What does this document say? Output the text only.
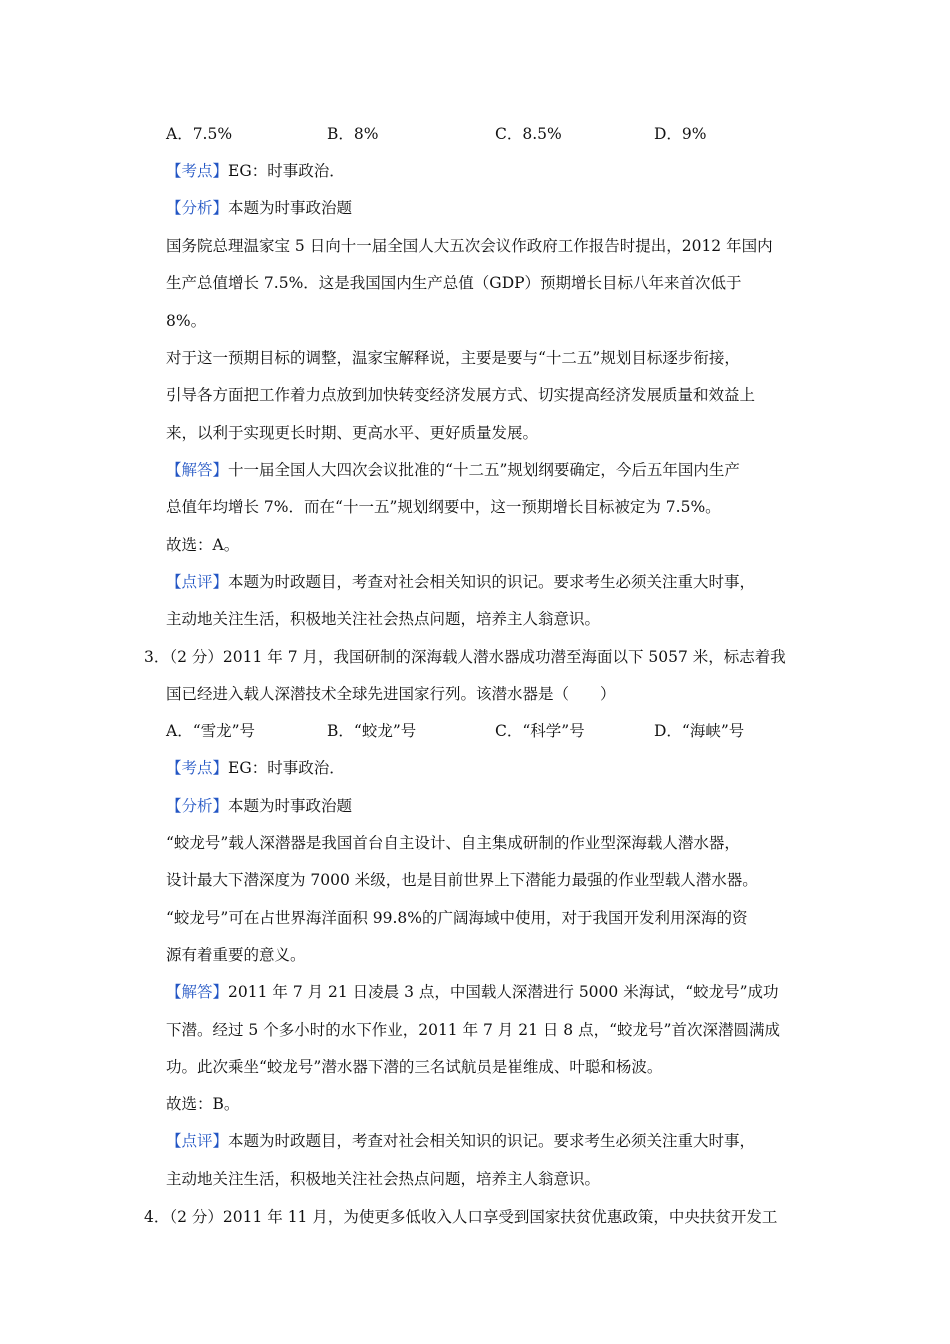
A．7.5%	B．8%	C．8.5%	D．9%
【考点】EG：时事政治．
【分析】本题为时事政治题
国务院总理温家宝 5 日向十一届全国人大五次会议作政府工作报告时提出，2012 年国内
生产总值增长 7.5%．这是我国国内生产总值（GDP）预期增长目标八年来首次低于
8%。
对于这一预期目标的调整，温家宝解释说，主要是要与“十二五”规划目标逐步衔接，
引导各方面把工作着力点放到加快转变经济发展方式、切实提高经济发展质量和效益上
来，以利于实现更长时期、更高水平、更好质量发展。
【解答】十一届全国人大四次会议批准的“十二五”规划纲要确定，今后五年国内生产
总值年均增长 7%．而在“十一五”规划纲要中，这一预期增长目标被定为 7.5%。
故选：A。
【点评】本题为时政题目，考查对社会相关知识的识记。要求考生必须关注重大时事，
主动地关注生活，积极地关注社会热点问题，培养主人翁意识。
3．（2 分）2011 年 7 月，我国研制的深海载人潜水器成功潜至海面以下 5057 米，标志着我
国已经进入载人深潜技术全球先进国家行列。该潜水器是（　　）
A．“雪龙”号	B．“蛟龙”号	C．“科学”号	D．“海峡”号
【考点】EG：时事政治．
【分析】本题为时事政治题
“蛟龙号”载人深潜器是我国首台自主设计、自主集成研制的作业型深海载人潜水器，
设计最大下潜深度为 7000 米级，也是目前世界上下潜能力最强的作业型载人潜水器。
“蛟龙号”可在占世界海洋面积 99.8%的广阔海域中使用，对于我国开发利用深海的资
源有着重要的意义。
【解答】2011 年 7 月 21 日凌晨 3 点，中国载人深潜进行 5000 米海试，“蛟龙号”成功
下潜。经过 5 个多小时的水下作业，2011 年 7 月 21 日 8 点，“蛟龙号”首次深潜圆满成
功。此次乘坐“蛟龙号”潜水器下潜的三名试航员是崔维成、叶聪和杨波。
故选：B。
【点评】本题为时政题目，考查对社会相关知识的识记。要求考生必须关注重大时事，
主动地关注生活，积极地关注社会热点问题，培养主人翁意识。
4．（2 分）2011 年 11 月，为使更多低收入人口享受到国家扶贫优惠政策，中央扶贫开发工
